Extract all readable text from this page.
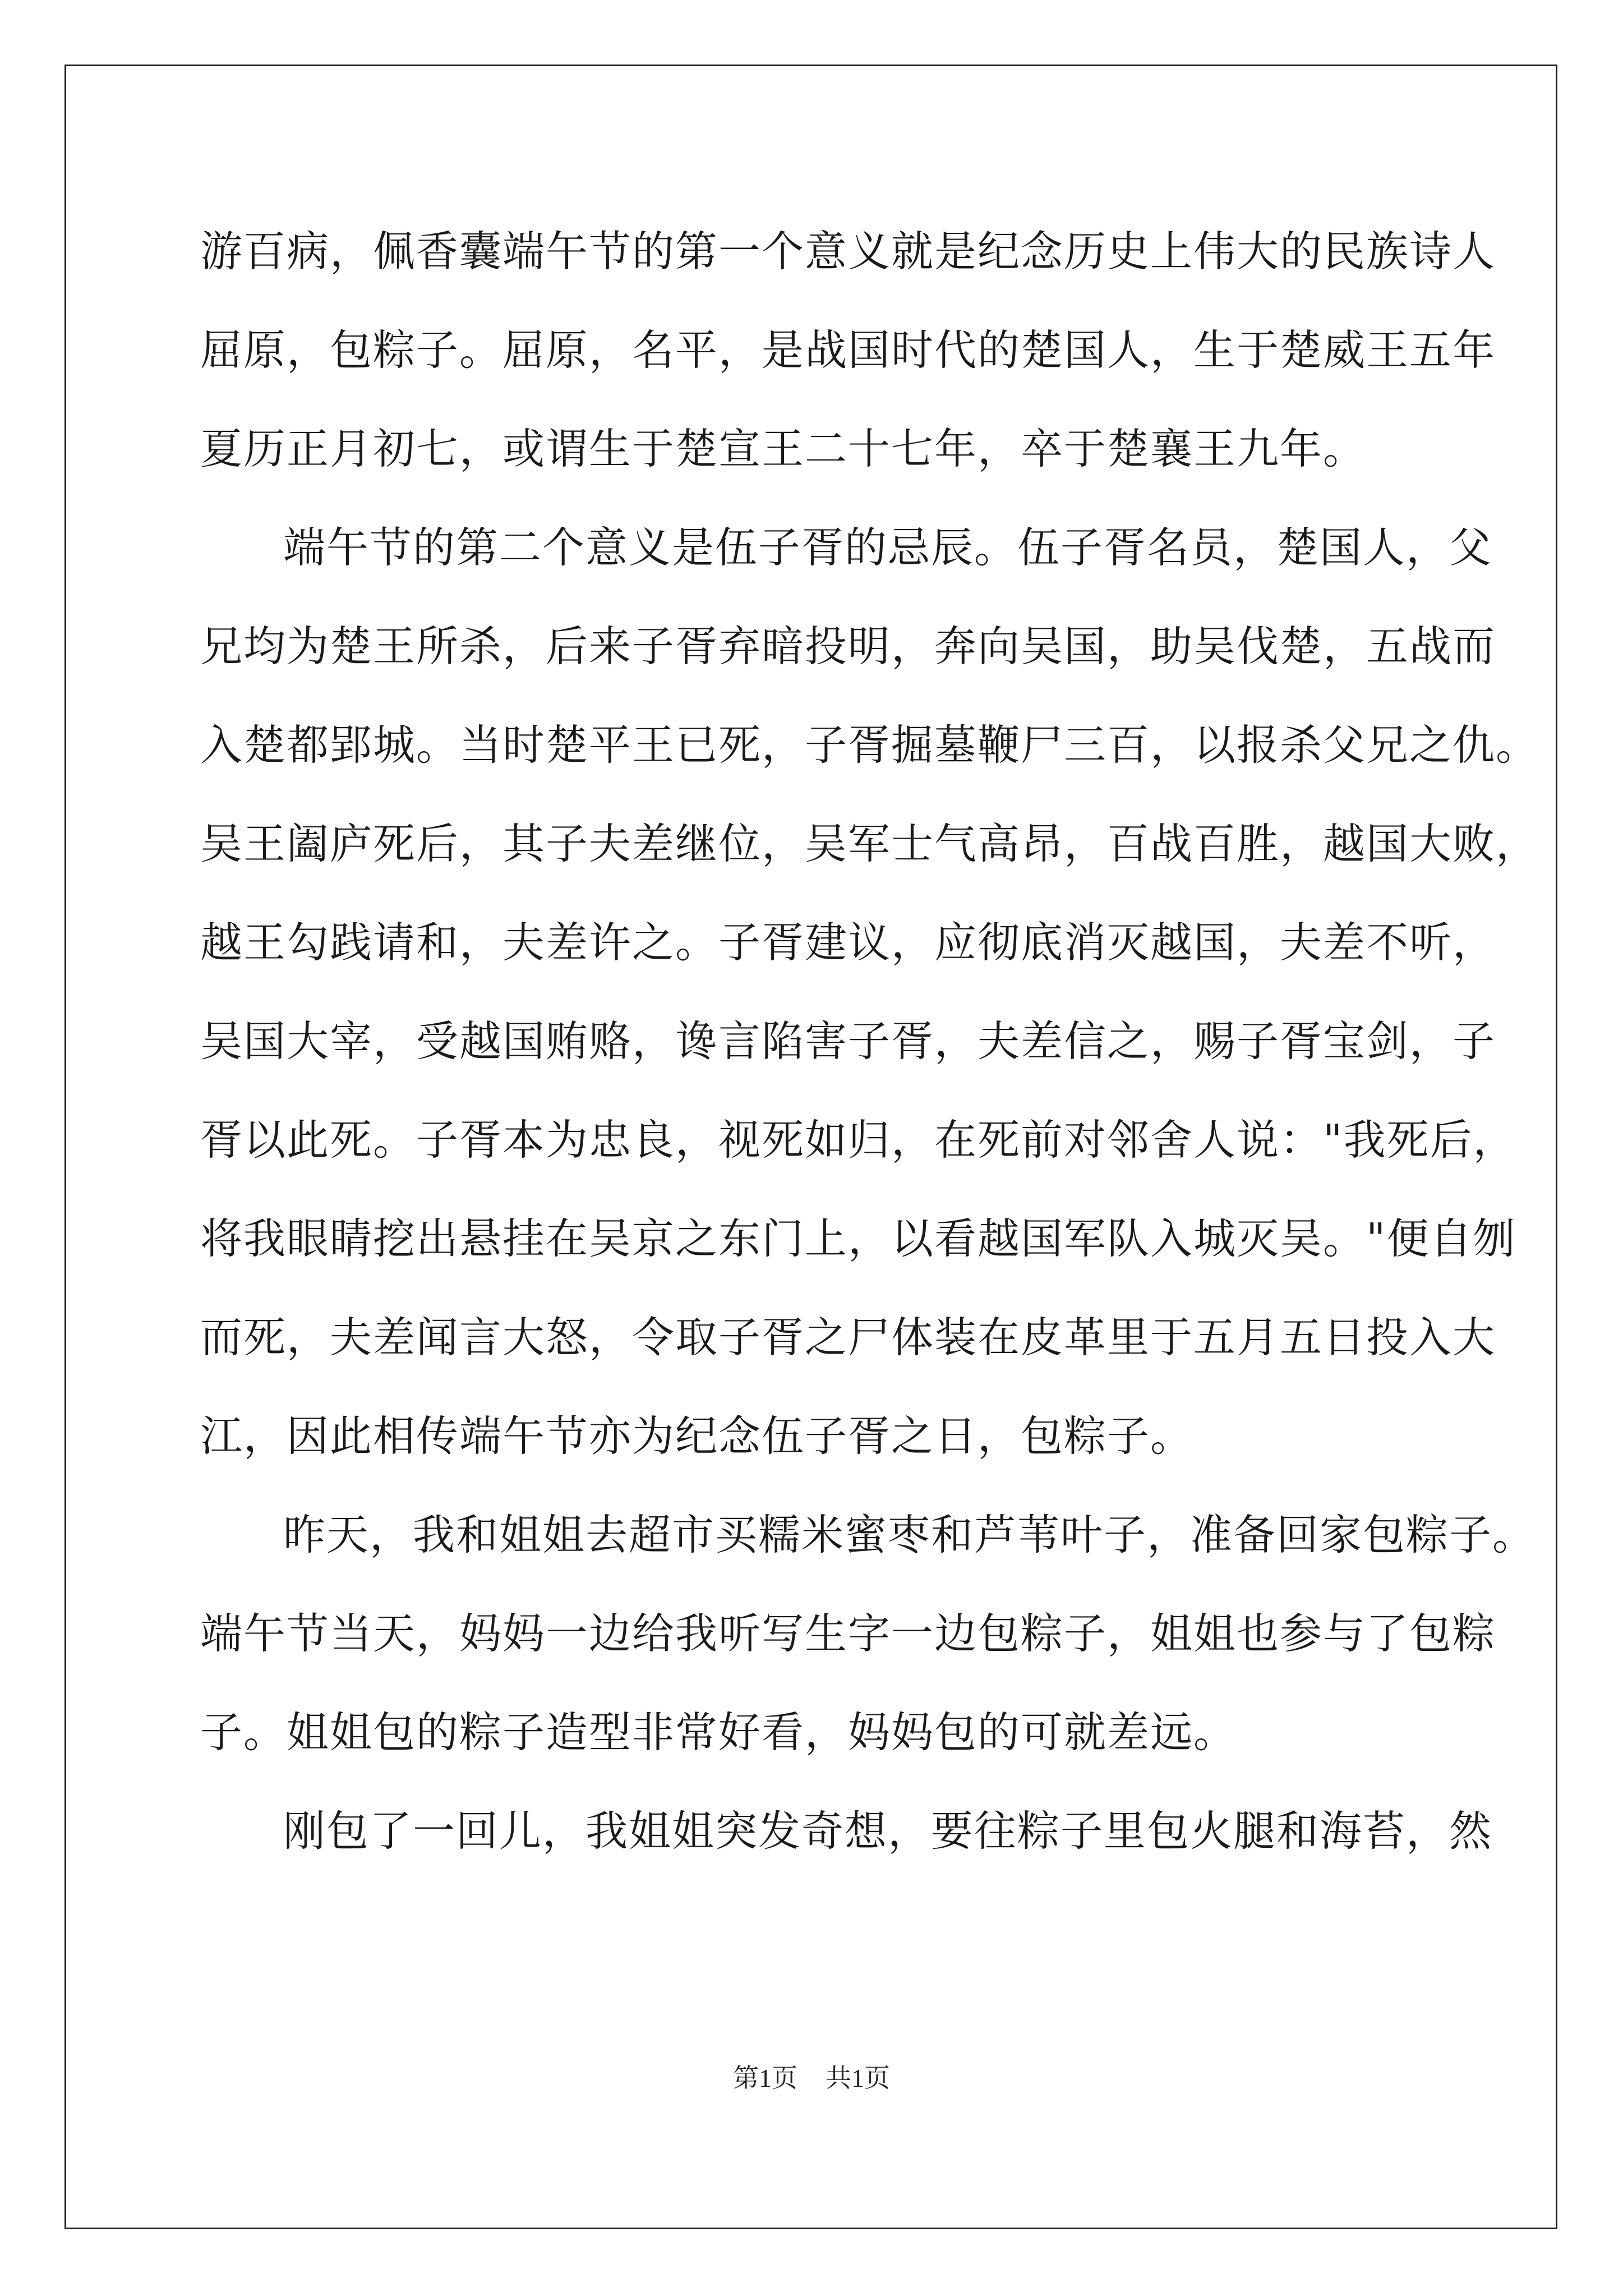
游百病，佩香囊端午节的第一个意义就是纪念历史上伟大的民族诗人
屈原，包粽子。屈原，名平，是战国时代的楚国人，生于楚威王五年
夏历正月初七，或谓生于楚宣王二十七年，卒于楚襄王九年。
端午节的第二个意义是伍子胥的忌辰。伍子胥名员，楚国人，父
兄均为楚王所杀，后来子胥弃暗投明，奔向吴国，助吴伐楚，五战而
入楚都郢城。当时楚平王已死，子胥掘墓鞭尸三百，以报杀父兄之仇。
吴王阖庐死后，其子夫差继位，吴军士气高昂，百战百胜，越国大败，
越王勾践请和，夫差许之。子胥建议，应彻底消灭越国，夫差不听，
吴国大宰，受越国贿赂，谗言陷害子胥，夫差信之，赐子胥宝剑，子
胥以此死。子胥本为忠良，视死如归，在死前对邻舍人说："我死后，
将我眼睛挖出悬挂在吴京之东门上，以看越国军队入城灭吴。"便自刎
而死，夫差闻言大怒，令取子胥之尸体装在皮革里于五月五日投入大
江，因此相传端午节亦为纪念伍子胥之日，包粽子。
昨天，我和姐姐去超市买糯米蜜枣和芦苇叶子，准备回家包粽子。
端午节当天，妈妈一边给我听写生字一边包粽子，姐姐也参与了包粽
子。姐姐包的粽子造型非常好看，妈妈包的可就差远。
刚包了一回儿，我姐姐突发奇想，要往粽子里包火腿和海苔，然
第1页 共1页
